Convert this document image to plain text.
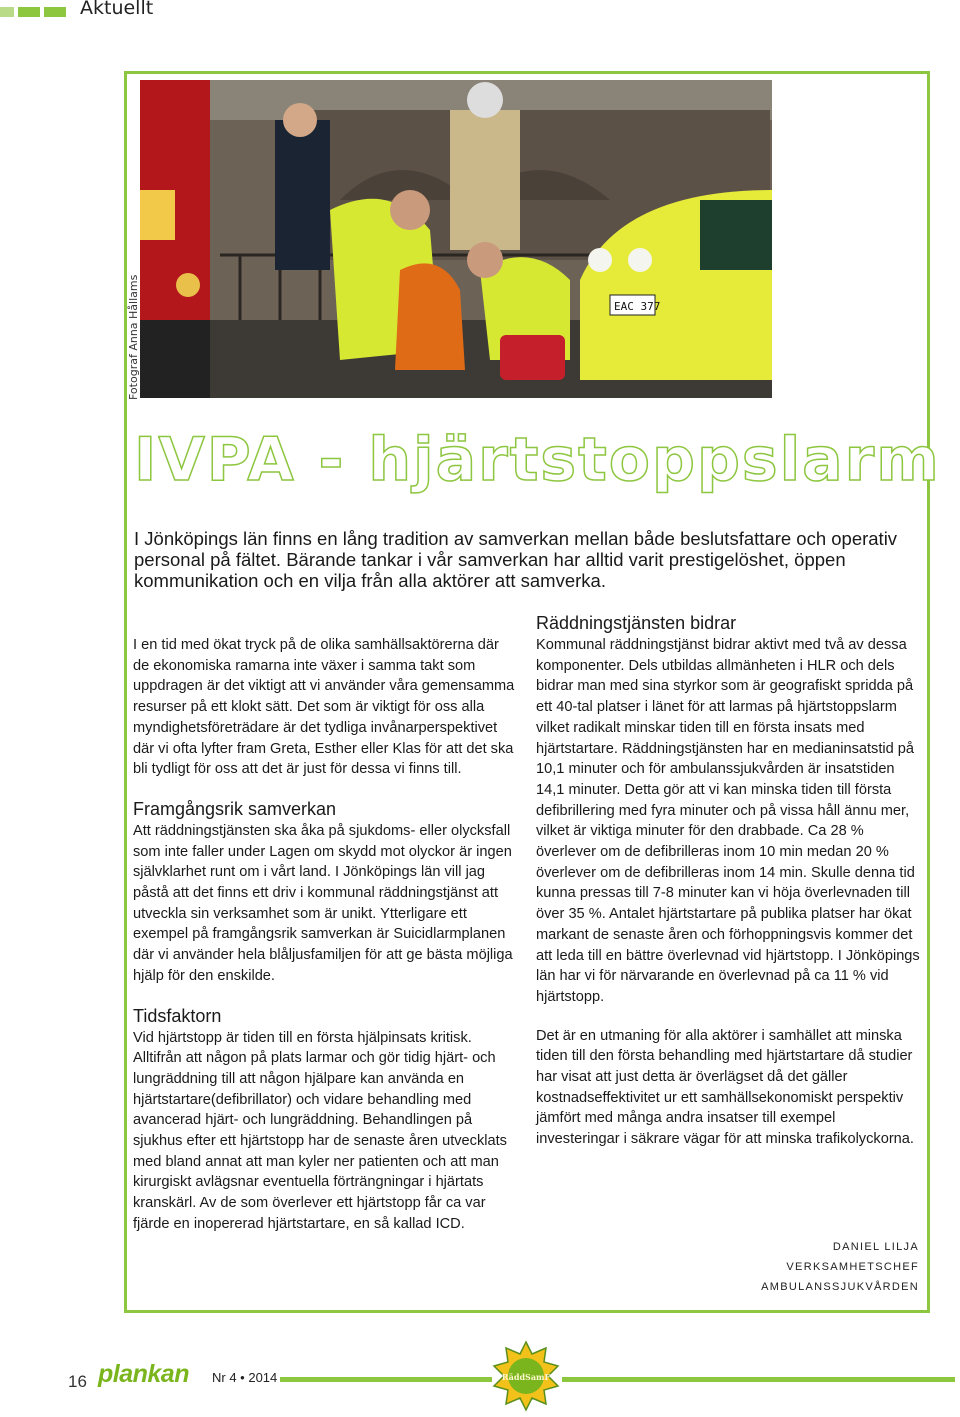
Aktuellt
EAC 377
Fotograf Anna Hållams
IVPA - hjärtstoppslarm
I Jönköpings län finns en lång tradition av samverkan mellan både beslutsfattare och operativ personal på fältet. Bärande tankar i vår samverkan har alltid varit prestigelöshet, öppen kommunikation och en vilja från alla aktörer att samverka.

I en tid med ökat tryck på de olika samhällsaktörerna där de ekonomiska ramarna inte växer i samma takt som uppdragen är det viktigt att vi använder våra gemensamma resurser på ett klokt sätt. Det som är viktigt för oss alla myndighetsföreträdare är det tydliga invånarperspektivet där vi ofta lyfter fram Greta, Esther eller Klas för att det ska bli tydligt för oss att det är just för dessa vi finns till.

Framgångsrik samverkan

Att räddningstjänsten ska åka på sjukdoms- eller olycksfall som inte faller under Lagen om skydd mot olyckor är ingen självklarhet runt om i vårt land. I Jönköpings län vill jag påstå att det finns ett driv i kommunal räddningstjänst att utveckla sin verksamhet som är unikt. Ytterligare ett exempel på framgångsrik samverkan är Suicidlarmplanen där vi använder hela blåljusfamiljen för att ge bästa möjliga hjälp för den enskilde.

Tidsfaktorn

Vid hjärtstopp är tiden till en första hjälpinsats kritisk. Alltifrån att någon på plats larmar och gör tidig hjärt- och lungräddning till att någon hjälpare kan använda en hjärtstartare(defibrillator) och vidare behandling med avancerad hjärt- och lungräddning. Behandlingen på sjukhus efter ett hjärtstopp har de senaste åren utvecklats med bland annat att man kyler ner patienten och att man kirurgiskt avlägsnar eventuella förträngningar i hjärtats kranskärl. Av de som överlever ett hjärtstopp får ca var fjärde en inopererad hjärtstartare, en så kallad ICD.

Räddningstjänsten bidrar

Kommunal räddningstjänst bidrar aktivt med två av dessa komponenter. Dels utbildas allmänheten i HLR och dels bidrar man med sina styrkor som är geografiskt spridda på ett 40-tal platser i länet för att larmas på hjärtstoppslarm vilket radikalt minskar tiden till en första insats med hjärtstartare. Räddningstjänsten har en medianinsatstid på 10,1 minuter och för ambulanssjukvården är insatstiden 14,1 minuter. Detta gör att vi kan minska tiden till första defibrillering med fyra minuter och på vissa håll ännu mer, vilket är viktiga minuter för den drabbade. Ca 28 % överlever om de defibrilleras inom 10 min medan 20 % överlever om de defibrilleras inom 14 min. Skulle denna tid kunna pressas till 7-8 minuter kan vi höja överlevnaden till över 35 %. Antalet hjärtstartare på publika platser har ökat markant de senaste åren och förhoppningsvis kommer det att leda till en bättre överlevnad vid hjärtstopp. I Jönköpings län har vi för närvarande en överlevnad på ca 11 % vid hjärtstopp.

Det är en utmaning för alla aktörer i samhället att minska tiden till den första behandling med hjärtstartare då studier har visat att just detta är överlägset då det gäller kostnadseffektivitet ur ett samhällsekonomiskt perspektiv jämfört med många andra insatser till exempel investeringar i säkrare vägar för att minska trafikolyckorna.

DANIEL LILJA
VERKSAMHETSCHEF
AMBULANSSJUKVÅRDEN
16 plankan Nr 4 • 2014	RäddSamF
